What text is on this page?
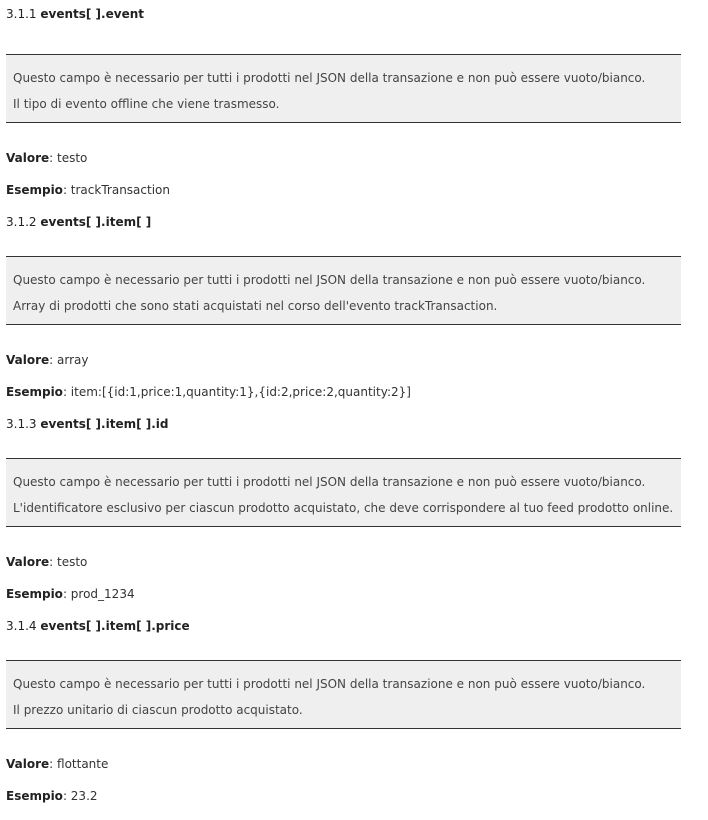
3.1.1 events[ ].event

Questo campo è necessario per tutti i prodotti nel JSON della transazione e non può essere vuoto/bianco.

Il tipo di evento offline che viene trasmesso.

Valore: testo
Esempio: trackTransaction
3.1.2 events[ ].item[ ]

Questo campo è necessario per tutti i prodotti nel JSON della transazione e non può essere vuoto/bianco.

Array di prodotti che sono stati acquistati nel corso dell'evento trackTransaction.

Valore: array
Esempio: item:[{id:1,price:1,quantity:1},{id:2,price:2,quantity:2}]
3.1.3 events[ ].item[ ].id

Questo campo è necessario per tutti i prodotti nel JSON della transazione e non può essere vuoto/bianco.

L'identificatore esclusivo per ciascun prodotto acquistato, che deve corrispondere al tuo feed prodotto online.

Valore: testo
Esempio: prod_1234
3.1.4 events[ ].item[ ].price

Questo campo è necessario per tutti i prodotti nel JSON della transazione e non può essere vuoto/bianco.

Il prezzo unitario di ciascun prodotto acquistato.

Valore: flottante
Esempio: 23.2
